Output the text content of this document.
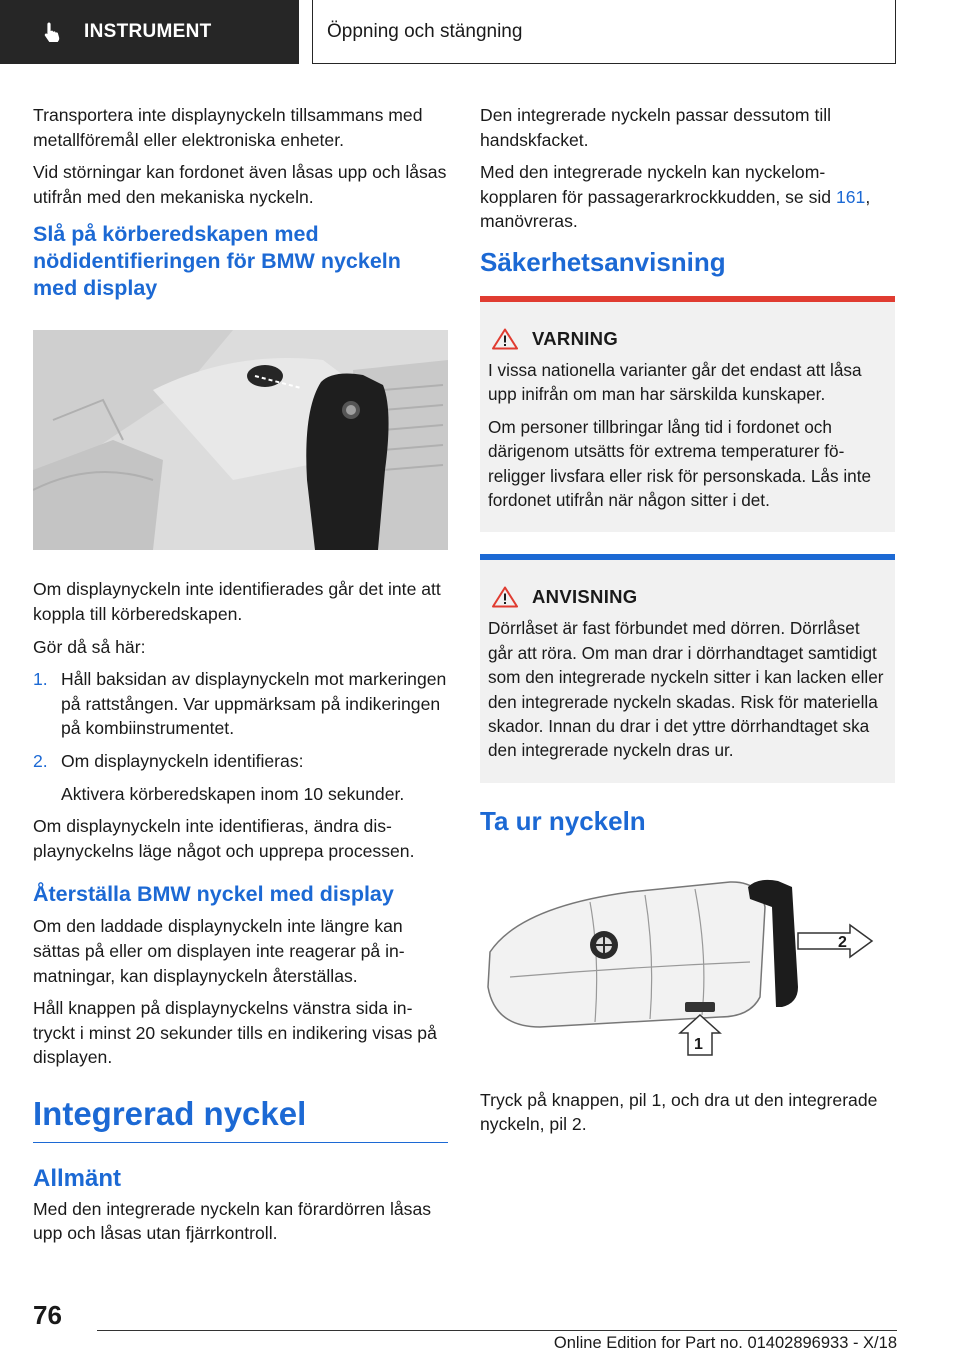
INSTRUMENT	Öppning och stängning

Transportera inte displaynyckeln tillsammans med metallföremål eller elektroniska enheter.

Vid störningar kan fordonet även låsas upp och låsas utifrån med den mekaniska nyckeln.

Slå på körberedskapen med nödidentifieringen för BMW nyckeln med display

Om displaynyckeln inte identifierades går det inte att koppla till körberedskapen.

Gör då så här:

1. Håll baksidan av displaynyckeln mot markeringen på rattstången. Var uppmärksam på indikeringen på kombiinstrumentet.
2. Om displaynyckeln identifieras:
Aktivera körberedskapen inom 10 sekunder.

Om displaynyckeln inte identifieras, ändra displaynyckelns läge något och upprepa processen.

Återställa BMW nyckel med display

Om den laddade displaynyckeln inte längre kan sättas på eller om displayen inte reagerar på inmatningar, kan displaynyckeln återställas.

Håll knappen på displaynyckelns vänstra sida intryckt i minst 20 sekunder tills en indikering visas på displayen.

Integrerad nyckel
Allmänt

Med den integrerade nyckeln kan förardörren låsas upp och låsas utan fjärrkontroll.

Den integrerade nyckeln passar dessutom till handskfacket.

Med den integrerade nyckeln kan nyckelomkopplaren för passagerarkrockkudden, se sid 161, manövreras.

Säkerhetsanvisning
VARNING

I vissa nationella varianter går det endast att låsa upp inifrån om man har särskilda kunskaper.

Om personer tillbringar lång tid i fordonet och därigenom utsätts för extrema temperaturer föreligger livsfara eller risk för personskada. Lås inte fordonet utifrån när någon sitter i det.

ANVISNING

Dörrlåset är fast förbundet med dörren. Dörrlåset går att röra. Om man drar i dörrhandtaget samtidigt som den integrerade nyckeln sitter i kan lacken eller den integrerade nyckeln skadas. Risk för materiella skador. Innan du drar i det yttre dörrhandtaget ska den integrerade nyckeln dras ur.

Ta ur nyckeln
2
1

Tryck på knappen, pil 1, och dra ut den integrerade nyckeln, pil 2.

76
Online Edition for Part no. 01402896933 - X/18
